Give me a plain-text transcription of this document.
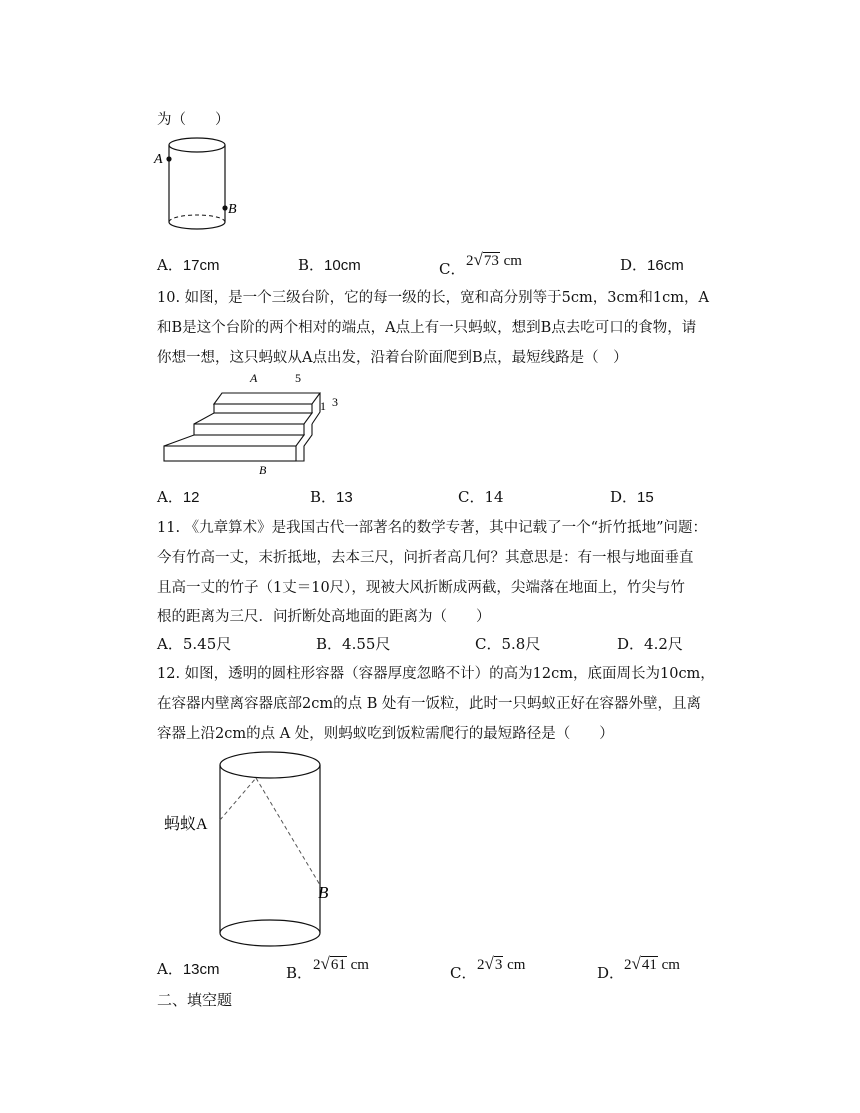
为（　　）
A
B
A．17cm	B．10cm	C． 2√73 cm	D．16cm
10. 如图，是一个三级台阶，它的每一级的长，宽和高分别等于5cm，3cm和1cm，A
和B是这个台阶的两个相对的端点，A点上有一只蚂蚁，想到B点去吃可口的食物，请
你想一想，这只蚂蚁从A点出发，沿着台阶面爬到B点，最短线路是（　）
A	5
1 3
B
A．12	B．13	C．14	D．15
11. 《九章算术》是我国古代一部著名的数学专著，其中记载了一个“折竹抵地”问题：
今有竹高一丈，末折抵地，去本三尺，问折者高几何？其意思是：有一根与地面垂直
且高一丈的竹子（1丈＝10尺），现被大风折断成两截，尖端落在地面上，竹尖与竹
根的距离为三尺．问折断处高地面的距离为（　　）
A．5.45尺	B．4.55尺	C．5.8尺	D．4.2尺
12. 如图，透明的圆柱形容器（容器厚度忽略不计）的高为12cm，底面周长为10cm，
在容器内壁离容器底部2cm的点 B 处有一饭粒，此时一只蚂蚁正好在容器外壁，且离
容器上沿2cm的点 A 处，则蚂蚁吃到饭粒需爬行的最短路径是（　　）
蚂蚁A
B
A．13cm	B． 2√61 cm	C． 2√3 cm	D． 2√41 cm
二、填空题
